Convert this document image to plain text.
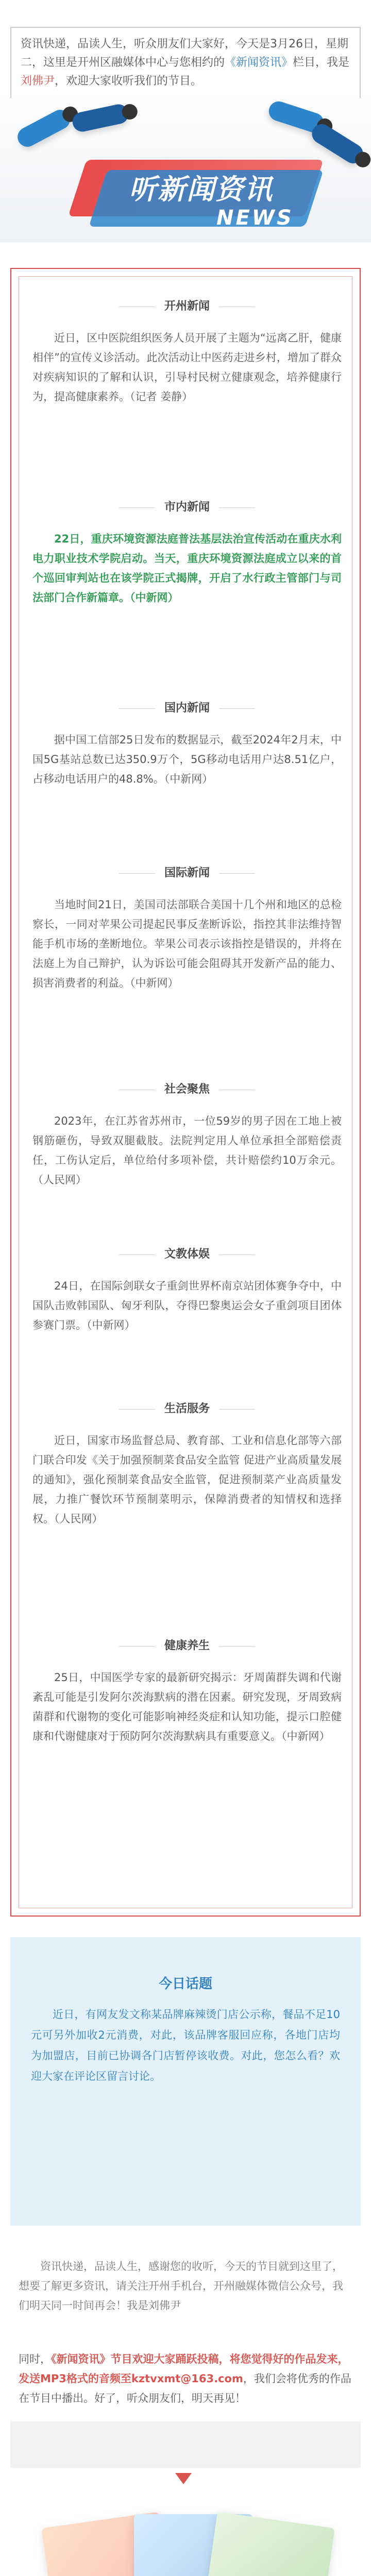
资讯快递，品读人生，听众朋友们大家好，今天是3月26日，星期二，这里是开州区融媒体中心与您相约的《新闻资讯》栏目，我是刘佛尹，欢迎大家收听我们的节目。
听新闻资讯
NEWS
开州新闻
近日，区中医院组织医务人员开展了主题为“远离乙肝，健康相伴”的宣传义诊活动。此次活动让中医药走进乡村，增加了群众对疾病知识的了解和认识，引导村民树立健康观念，培养健康行为，提高健康素养。（记者 姜静）
市内新闻
22日，重庆环境资源法庭普法基层法治宣传活动在重庆水利电力职业技术学院启动。当天，重庆环境资源法庭成立以来的首个巡回审判站也在该学院正式揭牌，开启了水行政主管部门与司法部门合作新篇章。（中新网）
国内新闻
据中国工信部25日发布的数据显示，截至2024年2月末，中国5G基站总数已达350.9万个，5G移动电话用户达8.51亿户，占移动电话用户的48.8%。（中新网）
国际新闻
当地时间21日，美国司法部联合美国十几个州和地区的总检察长，一同对苹果公司提起民事反垄断诉讼，指控其非法维持智能手机市场的垄断地位。苹果公司表示该指控是错误的，并将在法庭上为自己辩护，认为诉讼可能会阻碍其开发新产品的能力、损害消费者的利益。（中新网）
社会聚焦
2023年，在江苏省苏州市，一位59岁的男子因在工地上被钢筋砸伤，导致双腿截肢。法院判定用人单位承担全部赔偿责任，工伤认定后，单位给付多项补偿，共计赔偿约10万余元。（人民网）
文教体娱
24日，在国际剑联女子重剑世界杯南京站团体赛争夺中，中国队击败韩国队、匈牙利队，夺得巴黎奥运会女子重剑项目团体参赛门票。（中新网）
生活服务
近日，国家市场监督总局、教育部、工业和信息化部等六部门联合印发《关于加强预制菜食品安全监管 促进产业高质量发展的通知》，强化预制菜食品安全监管，促进预制菜产业高质量发展，力推广餐饮环节预制菜明示，保障消费者的知情权和选择权。（人民网）
健康养生
25日，中国医学专家的最新研究揭示：牙周菌群失调和代谢紊乱可能是引发阿尔茨海默病的潜在因素。研究发现，牙周致病菌群和代谢物的变化可能影响神经炎症和认知功能，提示口腔健康和代谢健康对于预防阿尔茨海默病具有重要意义。（中新网）
今日话题
近日，有网友发文称某品牌麻辣烫门店公示称，餐品不足10元可另外加收2元消费，对此，该品牌客服回应称，各地门店均为加盟店，目前已协调各门店暂停该收费。对此，您怎么看？欢迎大家在评论区留言讨论。
资讯快递，品读人生，感谢您的收听，今天的节目就到这里了，想要了解更多资讯，请关注开州手机台，开州融媒体微信公众号，我们明天同一时间再会！我是刘佛尹
同时，《新闻资讯》节目欢迎大家踊跃投稿，将您觉得好的作品发来，发送MP3格式的音频至kztvxmt@163.com，我们会将优秀的作品在节目中播出。好了，听众朋友们，明天再见！
